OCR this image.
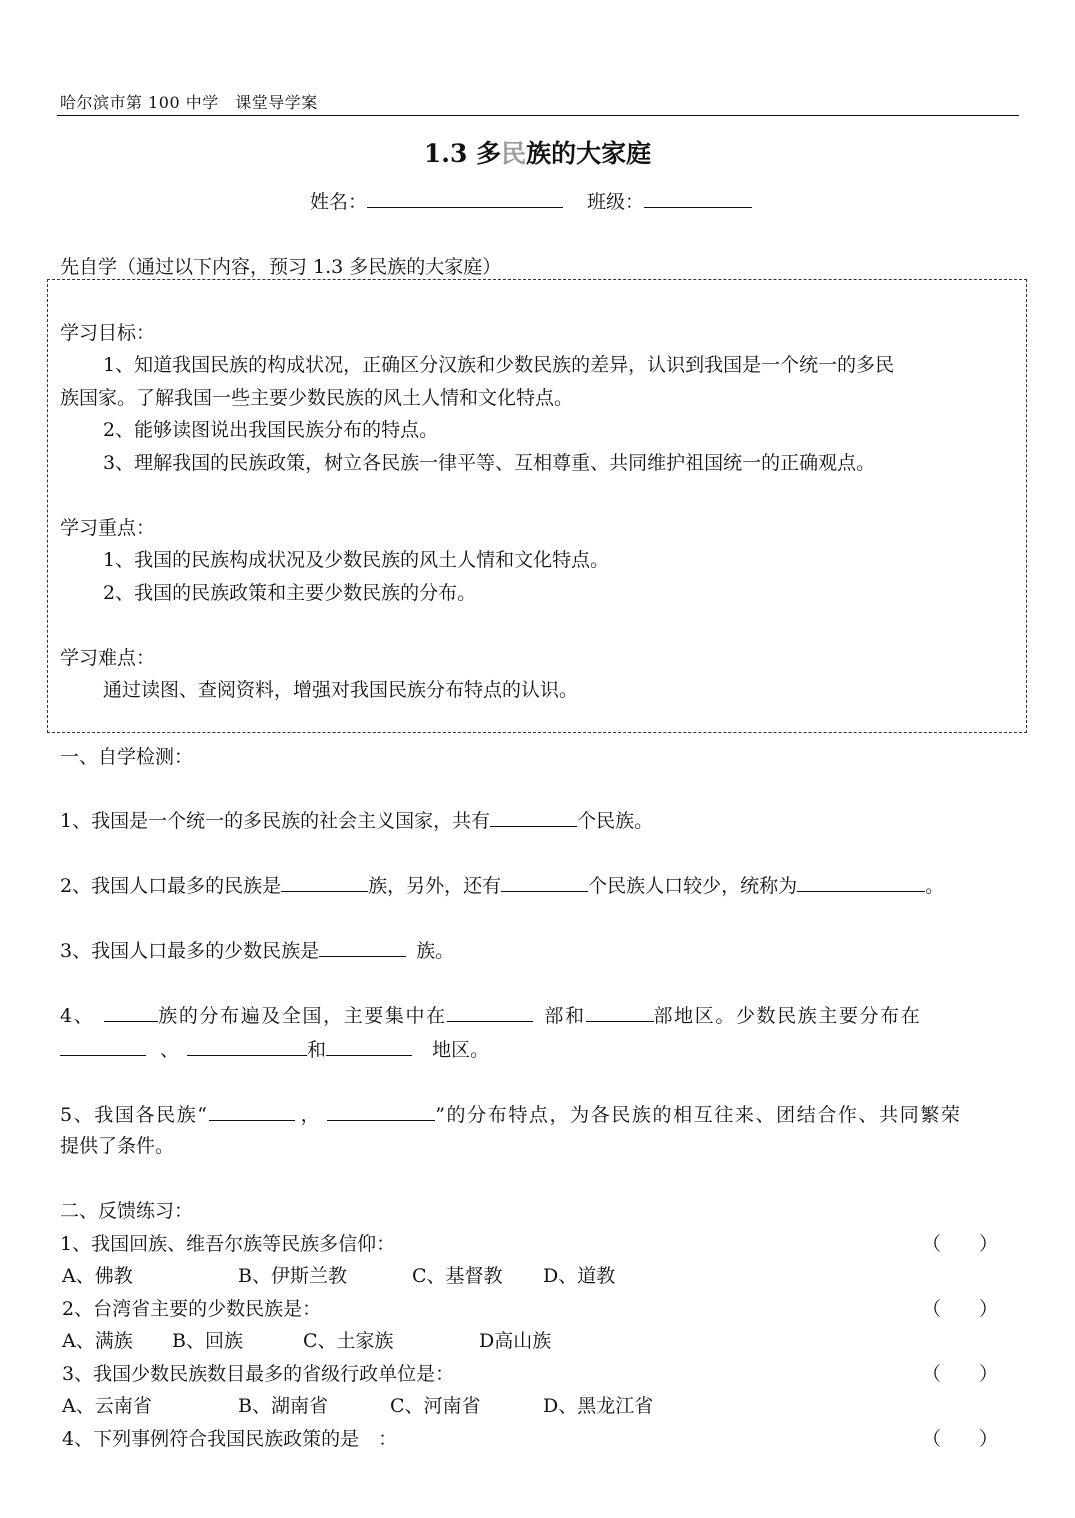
哈尔滨市第 100 中学　课堂导学案
1.3 多民族的大家庭
姓名：	班级：
先自学（通过以下内容，预习 1.3 多民族的大家庭）
学习目标：
1、知道我国民族的构成状况，正确区分汉族和少数民族的差异，认识到我国是一个统一的多民
族国家。了解我国一些主要少数民族的风土人情和文化特点。
2、能够读图说出我国民族分布的特点。
3、理解我国的民族政策，树立各民族一律平等、互相尊重、共同维护祖国统一的正确观点。
学习重点：
1、我国的民族构成状况及少数民族的风土人情和文化特点。
2、我国的民族政策和主要少数民族的分布。
学习难点：
通过读图、查阅资料，增强对我国民族分布特点的认识。
一、自学检测：
1、我国是一个统一的多民族的社会主义国家，共有	个民族。
2、我国人口最多的民族是	族，另外，还有	个民族人口较少，统称为	。
3、我国人口最多的少数民族是	族。
4、	族的分布遍及全国，主要集中在	部和	部地区。少数民族主要分布在
、	和	地区。
5、我国各民族“	，	”的分布特点，为各民族的相互往来、团结合作、共同繁荣
提供了条件。
二、反馈练习：
1、我国回族、维吾尔族等民族多信仰：	（　　）
A、佛教	B、伊斯兰教	C、基督教 D、道教
2、台湾省主要的少数民族是：	（　　）
A、满族 B、回族	C、土家族	D高山族
3、我国少数民族数目最多的省级行政单位是：	（　　）
A、云南省	B、湖南省	C、河南省	D、黑龙江省
4、下列事例符合我国民族政策的是　：	（　　）
